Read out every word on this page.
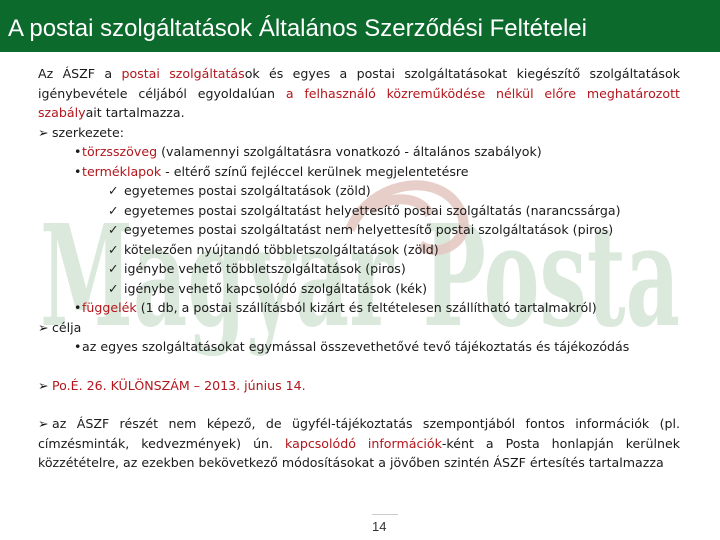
A postai szolgáltatások Általános Szerződési Feltételei
Magyar Posta

Az ÁSZF a postai szolgáltatások és egyes a postai szolgáltatásokat kiegészítő szolgáltatások igénybevétele céljából egyoldalúan a felhasználó közreműködése nélkül előre meghatározott szabályait tartalmazza.

➢ szerkezete:

•törzsszöveg (valamennyi szolgáltatásra vonatkozó - általános szabályok)

•terméklapok - eltérő színű fejléccel kerülnek megjelentetésre

✓ egyetemes postai szolgáltatások (zöld)

✓ egyetemes postai szolgáltatást helyettesítő postai szolgáltatás (narancssárga)

✓ egyetemes postai szolgáltatást nem helyettesítő postai szolgáltatások (piros)

✓ kötelezően nyújtandó többletszolgáltatások (zöld)

✓ igénybe vehető többletszolgáltatások (piros)

✓ igénybe vehető kapcsolódó szolgáltatások (kék)

•függelék (1 db, a postai szállításból kizárt és feltételesen szállítható tartalmakról)

➢ célja

•az egyes szolgáltatásokat egymással összevethetővé tevő tájékoztatás és tájékozódás

➢ Po.É. 26. KÜLÖNSZÁM – 2013. június 14.

➢ az ÁSZF részét nem képező, de ügyfél-tájékoztatás szempontjából fontos információk (pl. címzésminták, kedvezmények) ún. kapcsolódó információk-ként a Posta honlapján kerülnek közzétételre, az ezekben bekövetkező módosításokat a jövőben szintén ÁSZF értesítés tartalmazza

14
